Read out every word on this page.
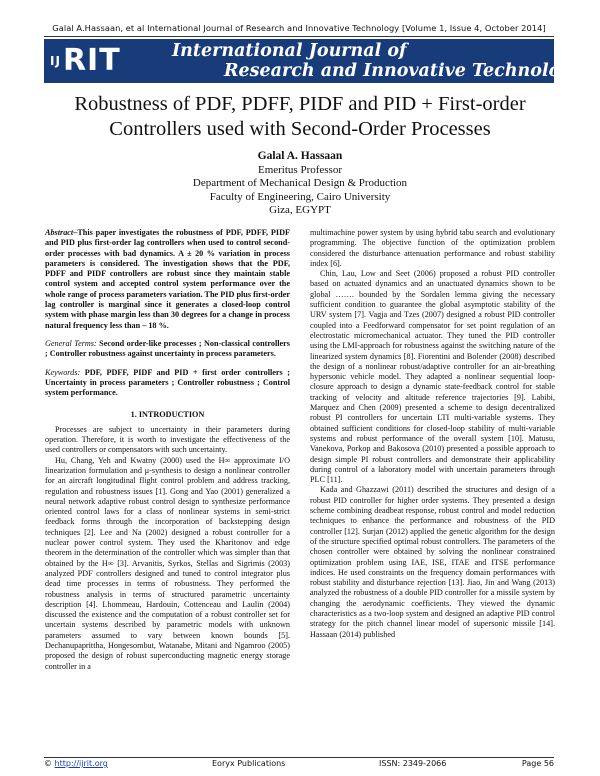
Galal A.Hassaan, et al International Journal of Research and Innovative Technology [Volume 1, Issue 4, October 2014]
$^{IJ}$RIT	International Journal of
Research and Innovative Technology
Robustness of PDF, PDFF, PIDF and PID + First-order Controllers used with Second-Order Processes
Galal A. Hassaan
Emeritus Professor
Department of Mechanical Design & Production
Faculty of Engineering, Cairo University
Giza, EGYPT

Abstract–This paper investigates the robustness of PDF, PDFF, PIDF and PID plus first-order lag controllers when used to control second-order processes with bad dynamics. A ± 20 % variation in process parameters is considered. The investigation shows that the PDF, PDFF and PIDF controllers are robust since they maintain stable control system and accepted control system performance over the whole range of process parameters variation. The PID plus first-order lag controller is marginal since it generates a closed-loop control system with phase margin less than 30 degrees for a change in process natural frequency less than – 18 %.

General Terms: Second order-like processes ; Non-classical controllers ; Controller robustness against uncertainty in process parameters.

Keywords: PDF, PDFF, PIDF and PID + first order controllers ; Uncertainty in process parameters ; Controller robustness ; Control system performance.

1. INTRODUCTION

Processes are subject to uncertainty in their parameters during operation. Therefore, it is worth to investigate the effectiveness of the used controllers or compensators with such uncertainty.

Hu, Chang, Yeh and Kwatny (2000) used the H∞ approximate I/O linearization formulation and μ-synthesis to design a nonlinear controller for an aircraft longitudinal flight control problem and address tracking, regulation and robustness issues [1]. Gong and Yao (2001) generalized a neural network adaptive robust control design to synthesize performance oriented control laws for a class of nonlinear systems in semi-strict feedback forms through the incorporation of backstepping design techniques [2]. Lee and Na (2002) designed a robust controller for a nuclear power control system. They used the Kharitonov and edge theorem in the determination of the controller which was simpler than that obtained by the H∞ [3]. Arvanitis, Syrkos, Stellas and Sigrimis (2003) analyzed PDF controllers designed and tuned to control integrator plus dead time processes in terms of robustness. They performed the robustness analysis in terms of structured parametric uncertainty description [4]. Lhommeau, Hardouin, Cottenceau and Laulin (2004) discussed the existence and the computation of a robust controller set for uncertain systems described by parametric models with unknown parameters assumed to vary between known bounds [5]. Dechanupaprittha, Hongesombut, Watanabe, Mitani and Ngamroo (2005) proposed the design of robust superconducting magnetic energy storage controller in a

multimachine power system by using hybrid tabu search and evolutionary programming. The objective function of the optimization problem considered the disturbance attenuation performance and robust stability index [6].

Chin, Lau, Low and Seet (2006) proposed a robust PID controller based on actuated dynamics and an unactuated dynamics shown to be global ……. bounded by the Sordalen lemma giving the necessary sufficient condition to guarantee the global asymptotic stability of the URV system [7]. Vagja and Tzes (2007) designed a robust PID controller coupled into a Feedforward compensator for set point regulation of an electrostatic micromechanical actuator. They tuned the PID controller using the LMI-approach for robustness against the switching nature of the linearized system dynamics [8]. Fiorentini and Bolender (2008) described the design of a nonlinear robust/adaptive controller for an air-breathing hypersonic vehicle model. They adapted a nonlinear sequential loop-closure approach to design a dynamic state-feedback control for stable tracking of velocity and altitude reference trajectories [9]. Labibi, Marquez and Chen (2009) presented a scheme to design decentralized robust PI controllers for uncertain LTI multi-variable systems. They obtained sufficient conditions for closed-loop stability of multi-variable systems and robust performance of the overall system [10]. Matusu, Vanekova, Porkop and Bakosova (2010) presented a possible approach to design simple PI robust controllers and demonstrate their applicability during control of a laboratory model with uncertain parameters through PLC [11].

Kada and Ghazzawi (2011) described the structures and design of a robust PID controller for higher order systems. They presented a design scheme combining deadbeat response, robust control and model reduction techniques to enhance the performance and robustness of the PID controller [12]. Surjan (2012) applied the genetic algorithm for the design of the structure specified optimal robust controllers. The parameters of the chosen controller were obtained by solving the nonlinear constrained optimization problem using IAE, ISE, ITAE and ITSE performance indices. He used constraints on the frequency domain performances with robust stability and disturbance rejection [13]. Jiao, Jin and Wang (2013) analyzed the robustness of a double PID controller for a missile system by changing the aerodynamic coefficients. They viewed the dynamic characteristics as a two-loop system and designed an adaptive PID control strategy for the pitch channel linear model of supersonic missile [14]. Hassaan (2014) published

© http://ijrit.org	Eoryx Publications	ISSN: 2349-2066	Page 56
